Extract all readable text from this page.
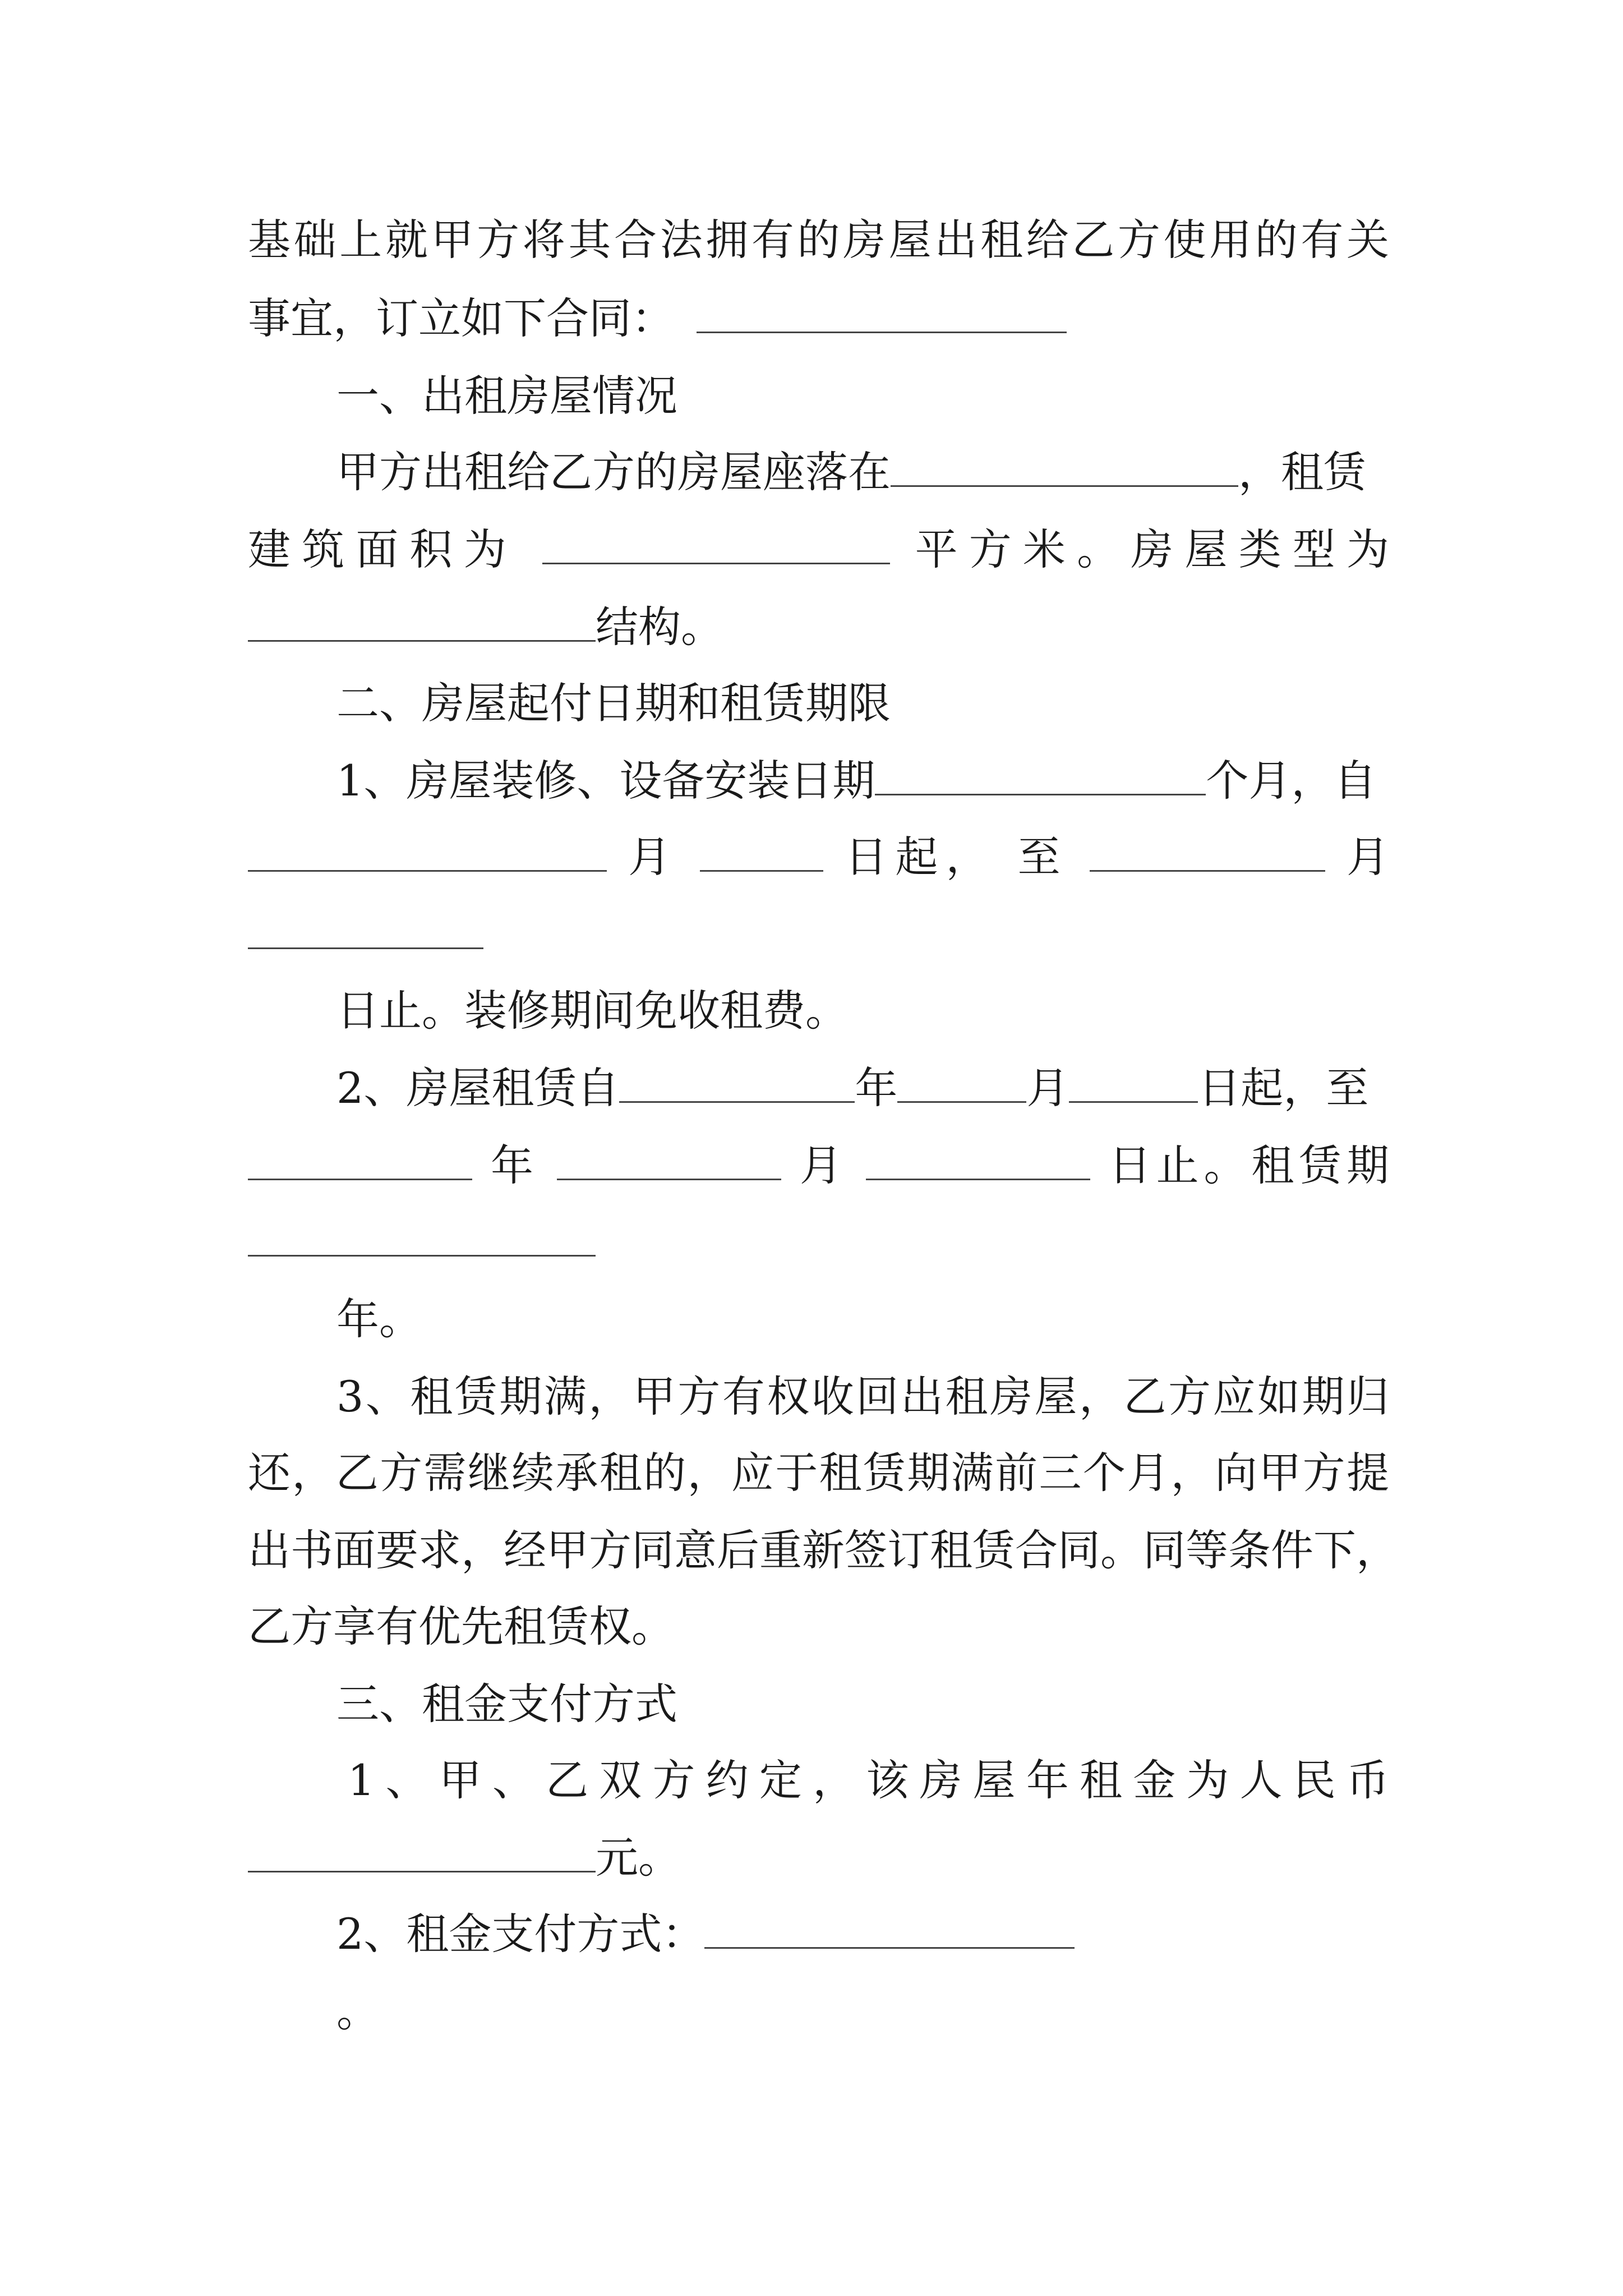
基础上就甲方将其合法拥有的房屋出租给乙方使用的有关
事宜，订立如下合同：
一、出租房屋情况
甲方出租给乙方的房屋座落在	，租赁
建筑面积为	平方米。房屋类型为
结构。
二、房屋起付日期和租赁期限
1、房屋装修、设备安装日期	个月，自
月	日起， 至	月
日止。装修期间免收租费。
2、房屋租赁自	年	月	日起，至
年	月	日止。租赁期
年。
3、租赁期满，甲方有权收回出租房屋，乙方应如期归
还，乙方需继续承租的，应于租赁期满前三个月，向甲方提
出书面要求，经甲方同意后重新签订租赁合同。同等条件下，
乙方享有优先租赁权。
三、租金支付方式
1、甲、乙双方约定，该房屋年租金为人民币
元。
2、租金支付方式：
。
